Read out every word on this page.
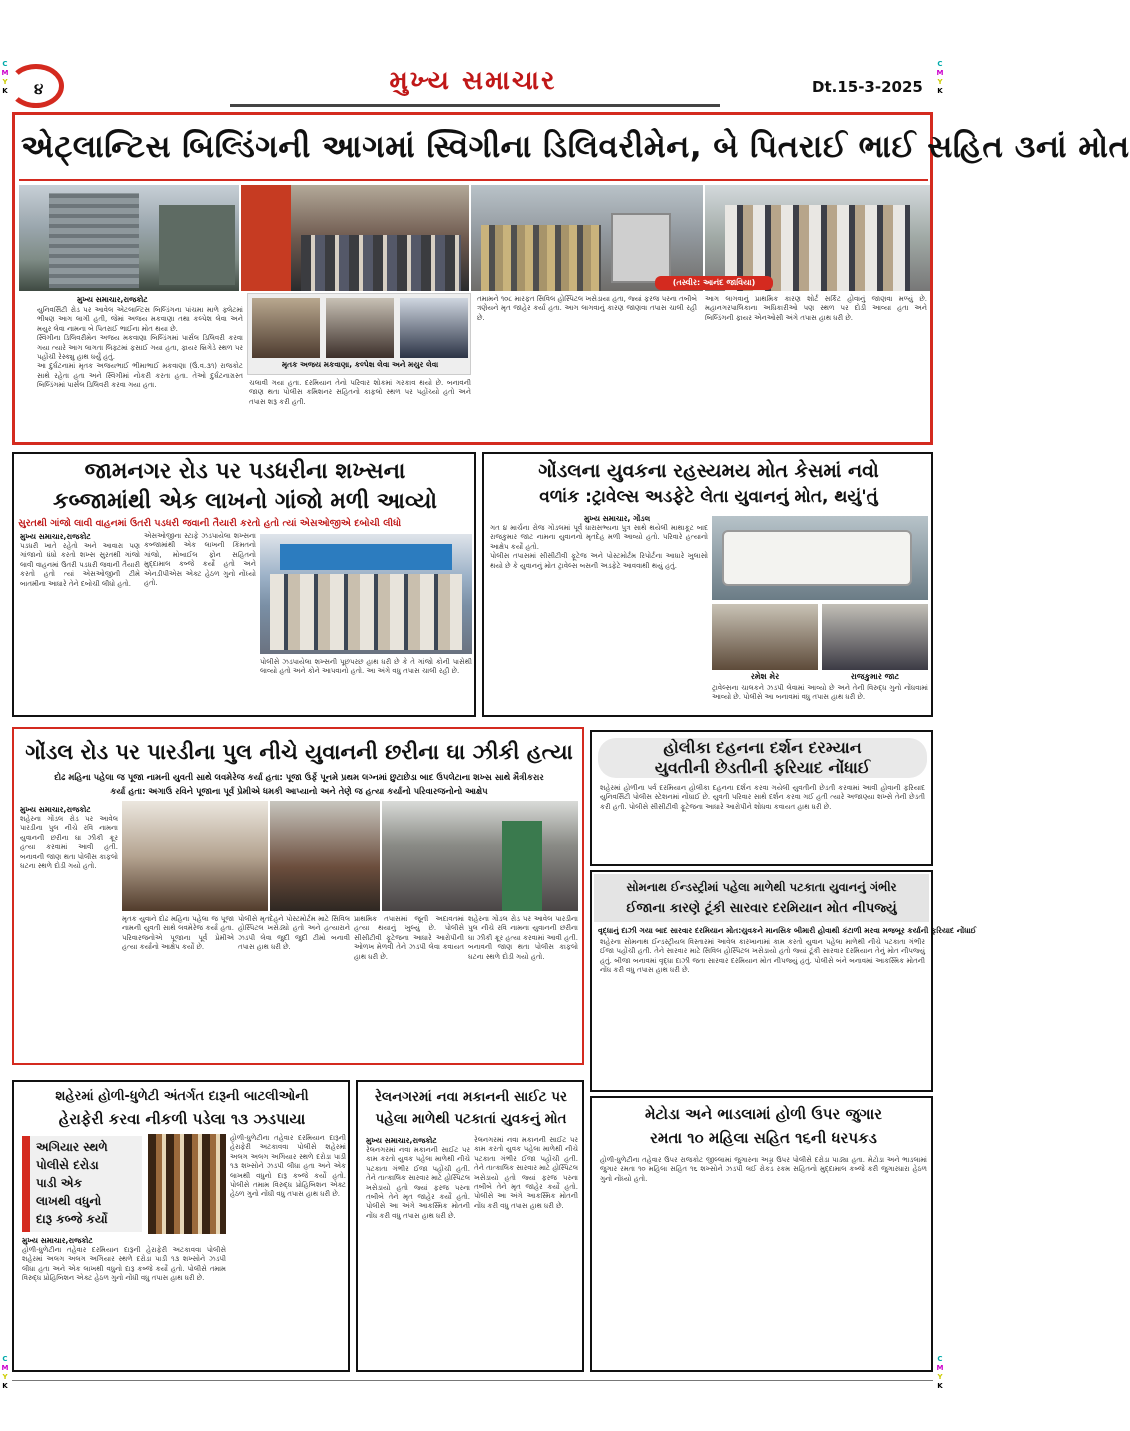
C
M
Y
K
C
M
Y
K
C
M
Y
K
C
M
Y
K
૪	મુખ્ય સમાચાર	Dt.15-3-2025
એટ્લાન્ટિસ બિલ્ડિંગની આગમાં સ્વિગીના ડિલિવરીમેન, બે પિતરાઈ ભાઈ સહિત ૩નાં મોત
(તસ્વીર: આનંદ જાવિયા)
મુખ્ય સમાચાર,રાજકોટ

યુનિવર્સિટી રોડ પર આવેલ એટલાન્ટિસ બિલ્ડિંગના પાંચમા માળે ફ્લેટમાં ભીષણ આગ લાગી હતી, જેમાં અજય મકવાણા તથા કલ્પેશ લેવા અને મયુર લેવા નામના બે પિતરાઈ ભાઈના મોત થયા છે.

સ્વિગીના ડિલિવરીમેન અજય મકવાણા બિલ્ડિંગમાં પાર્સલ ડિલિવરી કરવા ગયા ત્યારે આગ લાગતા લિફ્ટમાં ફસાઈ ગયા હતા, ફાયર બ્રિગેડે સ્થળ પર પહોંચી રેસ્ક્યુ હાથ ધર્યું હતું.

આ દુર્ઘટનામાં મૃતક અજયભાઈ ભીમાભાઈ મકવાણા (ઉં.વ.૩૧) રાજકોટ સાથે રહેતા હતા અને સ્વિગીમાં નોકરી કરતા હતા. તેઓ દુર્ઘટનાગ્રસ્ત બિલ્ડિંગમાં પાર્સલ ડિલિવરી કરવા ગયા હતા.

મૃતક અજય મકવાણા, કલ્પેશ લેવા અને મયુર લેવા

ચલાવી ગયા હતા. દરમિયાન તેનો પરિવાર શોકમાં ગરકાવ થયો છે. બનાવની જાણ થતા પોલીસ કમિશનર સહિતનો કાફલો સ્થળ પર પહોંચ્યો હતો અને તપાસ શરૂ કરી હતી.

તમામને ૧૦૮ મારફત સિવિલ હોસ્પિટલ ખસેડાયા હતા, જ્યાં ફરજ પરના તબીબે ત્રણેયને મૃત જાહેર કર્યા હતા. આગ લાગવાનું કારણ જાણવા તપાસ ચાલી રહી છે.

આગ લાગવાનું પ્રાથમિક કારણ શોર્ટ સર્કિટ હોવાનું જાણવા મળ્યું છે. મહાનગરપાલિકાના અધિકારીઓ પણ સ્થળ પર દોડી આવ્યા હતા અને બિલ્ડિંગની ફાયર એનઓસી અંગે તપાસ હાથ ધરી છે.

જામનગર રોડ પર પડધરીના શખ્સના
કબ્જામાંથી એક લાખનો ગાંજો મળી આવ્યો
સુરતથી ગાંજો લાવી વાહનમાં ઉતરી પડધરી જવાની તૈયારી કરતો હતો ત્યાં એસઓજીએ દબોચી લીધો
મુખ્ય સમાચાર,રાજકોટ

પડધરી ખાતે રહેતો અને આવારા પણ ગાંજાનો ધંધો કરતો શખ્સ સુરતથી ગાંજો લાવી વાહનમાં ઉતરી પડધરી જવાની તૈયારી કરતો હતો ત્યાં એસઓજીની ટીમે બાતમીના આધારે તેને દબોચી લીધો હતો.

એસઓજીના સ્ટાફે ઝડપાયેલા શખ્સના કબ્જામાંથી એક લાખની કિંમતનો ગાંજો, મોબાઈલ ફોન સહિતનો મુદ્દામાલ કબ્જે કર્યો હતો અને એનડીપીએસ એક્ટ હેઠળ ગુનો નોંધ્યો હતો.

પોલીસે ઝડપાયેલા શખ્સની પૂછપરછ હાથ ધરી છે કે તે ગાંજો કોની પાસેથી લાવ્યો હતો અને કોને આપવાનો હતો. આ અંગે વધુ તપાસ ચાલી રહી છે.

ગોંડલના યુવકના રહસ્યમય મોત કેસમાં નવો
વળાંક :ટ્રાવેલ્સ અડફેટે લેતા યુવાનનું મોત, થયું'તું
મુખ્ય સમાચાર, ગોંડલ

ગત ૪ માર્ચના રોજ ગોંડલમાં પૂર્વ ધારાસભ્યના પુત્ર સાથે થયેલી માથાકૂટ બાદ રાજકુમાર જાટ નામના યુવાનનો મૃતદેહ મળી આવ્યો હતો. પરિવારે હત્યાનો આક્ષેપ કર્યો હતો.

પોલીસ તપાસમાં સીસીટીવી ફૂટેજ અને પોસ્ટમોર્ટમ રિપોર્ટના આધારે ખુલાસો થયો છે કે યુવાનનું મોત ટ્રાવેલ્સ બસની અડફેટે આવવાથી થયું હતું.

રમેશ મેર	રાજકુમાર જાટ

ટ્રાવેલ્સના ચાલકને ઝડપી લેવામાં આવ્યો છે અને તેની વિરુદ્ધ ગુનો નોંધવામાં આવ્યો છે. પોલીસે આ બનાવમાં વધુ તપાસ હાથ ધરી છે.

ગોંડલ રોડ પર પારડીના પુલ નીચે યુવાનની છરીના ઘા ઝીકી હત્યા
દોઢ મહિના પહેલા જ પૂજા નામની યુવતી સાથે લવમેરેજ કર્યા હતા: પૂજા ઉર્ફે પૂનમે પ્રથમ લગ્નમાં છુટાછેડા બાદ ઉપલેટાના શખ્સ સાથે મૈત્રીકરાર
કર્યા હતા: અગાઉ રવિને પૂજાના પૂર્વ પ્રેમીએ ધમકી આપ્યાનો અને તેણે જ હત્યા કર્યાનો પરિવારજનોનો આક્ષેપ
મુખ્ય સમાચાર,રાજકોટ

શહેરના ગોંડલ રોડ પર આવેલ પારડીના પુલ નીચે રવિ નામના યુવાનની છરીના ઘા ઝીકી ક્રૂર હત્યા કરવામાં આવી હતી. બનાવની જાણ થતા પોલીસ કાફલો ઘટના સ્થળે દોડી ગયો હતો.

મૃતક યુવાને દોઢ મહિના પહેલા જ પૂજા નામની યુવતી સાથે લવમેરેજ કર્યા હતા. પરિવારજનોએ પૂજાના પૂર્વ પ્રેમીએ હત્યા કર્યાનો આક્ષેપ કર્યો છે.

પોલીસે મૃતદેહને પોસ્ટમોર્ટમ માટે સિવિલ હોસ્પિટલ ખસેડ્યો હતો અને હત્યારાને ઝડપી લેવા જુદી જુદી ટીમો બનાવી તપાસ હાથ ધરી છે.

પ્રાથમિક તપાસમાં જૂની અદાવતમાં હત્યા થયાનું ખુલ્યું છે. પોલીસે સીસીટીવી ફૂટેજના આધારે આરોપીની ઓળખ મેળવી તેને ઝડપી લેવા કવાયત હાથ ધરી છે.

શહેરના ગોંડલ રોડ પર આવેલ પારડીના પુલ નીચે રવિ નામના યુવાનની છરીના ઘા ઝીકી ક્રૂર હત્યા કરવામાં આવી હતી. બનાવની જાણ થતા પોલીસ કાફલો ઘટના સ્થળે દોડી ગયો હતો.

હોલીકા દહનના દર્શન દરમ્યાન
યુવતીની છેડતીની ફરિયાદ નોંધાઈ
શહેરમાં હોળીના પર્વ દરમિયાન હોલીકા દહનના દર્શન કરવા ગયેલી યુવતીની છેડતી કરવામાં આવી હોવાની ફરિયાદ યુનિવર્સિટી પોલીસ સ્ટેશનમાં નોંધાઈ છે. યુવતી પરિવાર સાથે દર્શન કરવા ગઈ હતી ત્યારે અજાણ્યા શખ્સે તેની છેડતી કરી હતી. પોલીસે સીસીટીવી ફૂટેજના આધારે આરોપીને શોધવા કવાયત હાથ ધરી છે.
સોમનાથ ઈન્ડસ્ટ્રીમાં પહેલા માળેથી પટકાતા યુવાનનું ગંભીર
ઈજાના કારણે ટૂંકી સારવાર દરમિયાન મોત નીપજ્યું
વૃદ્ધાનું દાઝી ગયા બાદ સારવાર દરમિયાન મોત:યુવકને માનસિક બીમારી હોવાથી કંટાળી મરવા મજબૂર કર્યાની ફરિયાદ નોંધાઈ
શહેરના સોમનાથ ઈન્ડસ્ટ્રીયલ વિસ્તારમાં આવેલ કારખાનામાં કામ કરતો યુવાન પહેલા માળેથી નીચે પટકાતા ગંભીર ઈજા પહોંચી હતી. તેને સારવાર માટે સિવિલ હોસ્પિટલ ખસેડાયો હતો જ્યાં ટૂંકી સારવાર દરમિયાન તેનું મોત નીપજ્યું હતું. બીજા બનાવમાં વૃદ્ધા દાઝી જતા સારવાર દરમિયાન મોત નીપજ્યું હતું. પોલીસે બંને બનાવમાં આકસ્મિક મોતની નોંધ કરી વધુ તપાસ હાથ ધરી છે.
શહેરમાં હોળી-ધુળેટી અંતર્ગત દારૂની બાટલીઓની
હેરાફેરી કરવા નીકળી પડેલા ૧૩ ઝડપાયા
અગિયાર સ્થળે
પોલીસે દરોડા
પાડી એક
લાખથી વધુનો
દારૂ કબ્જે કર્યો
મુખ્ય સમાચાર,રાજકોટ
હોળી-ધુળેટીના તહેવાર દરમિયાન દારૂની હેરાફેરી અટકાવવા પોલીસે શહેરમાં અલગ અલગ અગિયાર સ્થળે દરોડા પાડી ૧૩ શખ્સોને ઝડપી લીધા હતા અને એક લાખથી વધુનો દારૂ કબ્જે કર્યો હતો. પોલીસે તમામ વિરુદ્ધ પ્રોહિબિશન એક્ટ હેઠળ ગુનો નોંધી વધુ તપાસ હાથ ધરી છે.
હોળી-ધુળેટીના તહેવાર દરમિયાન દારૂની હેરાફેરી અટકાવવા પોલીસે શહેરમાં અલગ અલગ અગિયાર સ્થળે દરોડા પાડી ૧૩ શખ્સોને ઝડપી લીધા હતા અને એક લાખથી વધુનો દારૂ કબ્જે કર્યો હતો. પોલીસે તમામ વિરુદ્ધ પ્રોહિબિશન એક્ટ હેઠળ ગુનો નોંધી વધુ તપાસ હાથ ધરી છે.
રેલનગરમાં નવા મકાનની સાઈટ પર
પહેલા માળેથી પટકાતાં યુવકનું મોત
મુખ્ય સમાચાર,રાજકોટ
રેલનગરમાં નવા મકાનની સાઈટ પર કામ કરતો યુવક પહેલા માળેથી નીચે પટકાતા ગંભીર ઈજા પહોંચી હતી. તેને તાત્કાલિક સારવાર માટે હોસ્પિટલ ખસેડાયો હતો જ્યાં ફરજ પરના તબીબે તેને મૃત જાહેર કર્યો હતો. પોલીસે આ અંગે આકસ્મિક મોતની નોંધ કરી વધુ તપાસ હાથ ધરી છે.
રેલનગરમાં નવા મકાનની સાઈટ પર કામ કરતો યુવક પહેલા માળેથી નીચે પટકાતા ગંભીર ઈજા પહોંચી હતી. તેને તાત્કાલિક સારવાર માટે હોસ્પિટલ ખસેડાયો હતો જ્યાં ફરજ પરના તબીબે તેને મૃત જાહેર કર્યો હતો. પોલીસે આ અંગે આકસ્મિક મોતની નોંધ કરી વધુ તપાસ હાથ ધરી છે.
મેટોડા અને ભાડલામાં હોળી ઉપર જુગાર
રમતા ૧૦ મહિલા સહિત ૧૬ની ધરપકડ
હોળી-ધુળેટીના તહેવાર ઉપર રાજકોટ જીલ્લામાં જુગારના અડ્ડા ઉપર પોલીસે દરોડા પાડ્યા હતા. મેટોડા અને ભાડલામાં જુગાર રમતા ૧૦ મહિલા સહિત ૧૬ શખ્સોને ઝડપી લઈ રોકડ રકમ સહિતનો મુદ્દામાલ કબ્જે કરી જુગારધારા હેઠળ ગુનો નોંધ્યો હતો.
